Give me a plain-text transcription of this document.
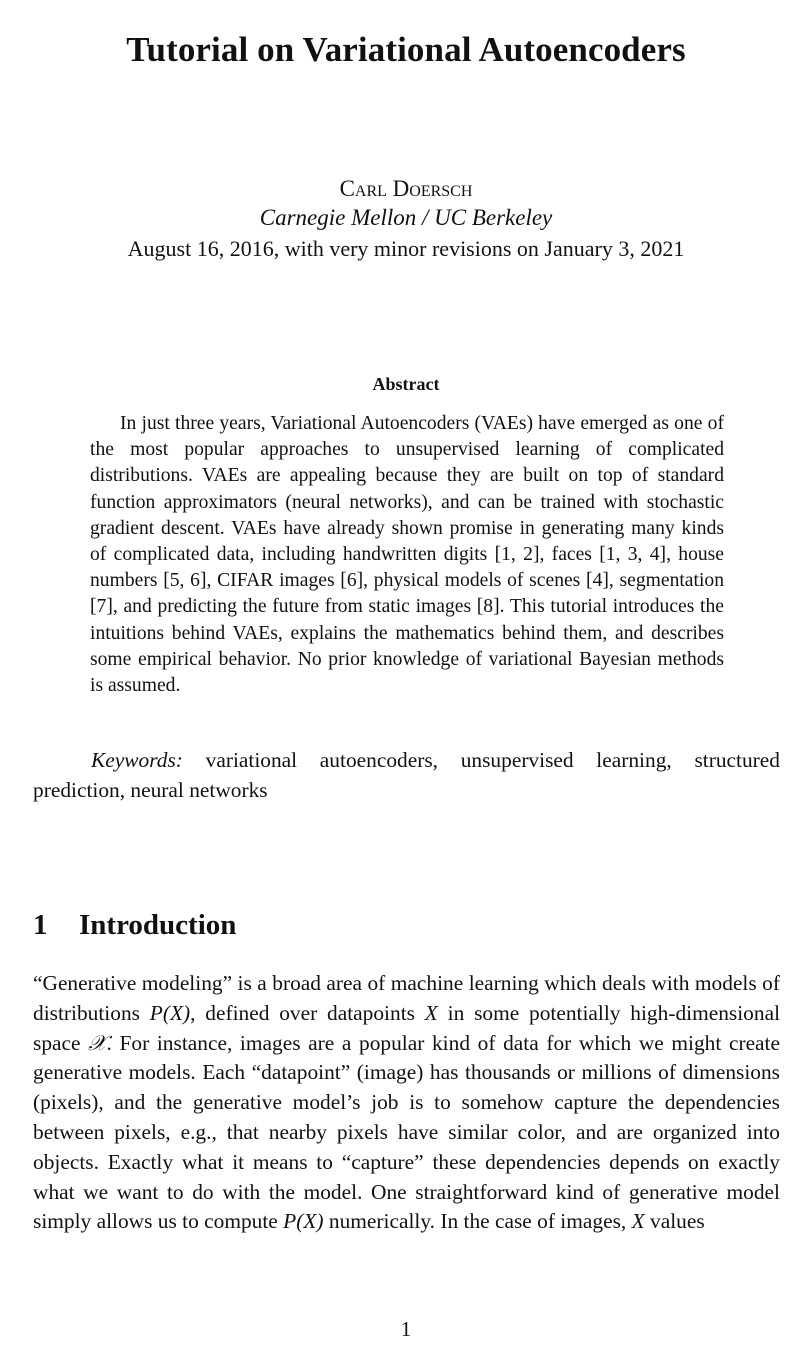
Tutorial on Variational Autoencoders
Carl Doersch
Carnegie Mellon / UC Berkeley
August 16, 2016, with very minor revisions on January 3, 2021
Abstract
In just three years, Variational Autoencoders (VAEs) have emerged as one of the most popular approaches to unsupervised learning of complicated distributions. VAEs are appealing because they are built on top of standard function approximators (neural networks), and can be trained with stochastic gradient descent. VAEs have already shown promise in generating many kinds of complicated data, including handwritten digits [1, 2], faces [1, 3, 4], house numbers [5, 6], CIFAR images [6], physical models of scenes [4], segmentation [7], and predicting the future from static images [8]. This tutorial introduces the intuitions behind VAEs, explains the mathematics behind them, and describes some empirical behavior. No prior knowledge of variational Bayesian methods is assumed.
Keywords: variational autoencoders, unsupervised learning, structured prediction, neural networks
1 Introduction
“Generative modeling” is a broad area of machine learning which deals with models of distributions P(X), defined over datapoints X in some potentially high-dimensional space 𝒳. For instance, images are a popular kind of data for which we might create generative models. Each “datapoint” (image) has thousands or millions of dimensions (pixels), and the generative model’s job is to somehow capture the dependencies between pixels, e.g., that nearby pixels have similar color, and are organized into objects. Exactly what it means to “capture” these dependencies depends on exactly what we want to do with the model. One straightforward kind of generative model simply allows us to compute P(X) numerically. In the case of images, X values
1
